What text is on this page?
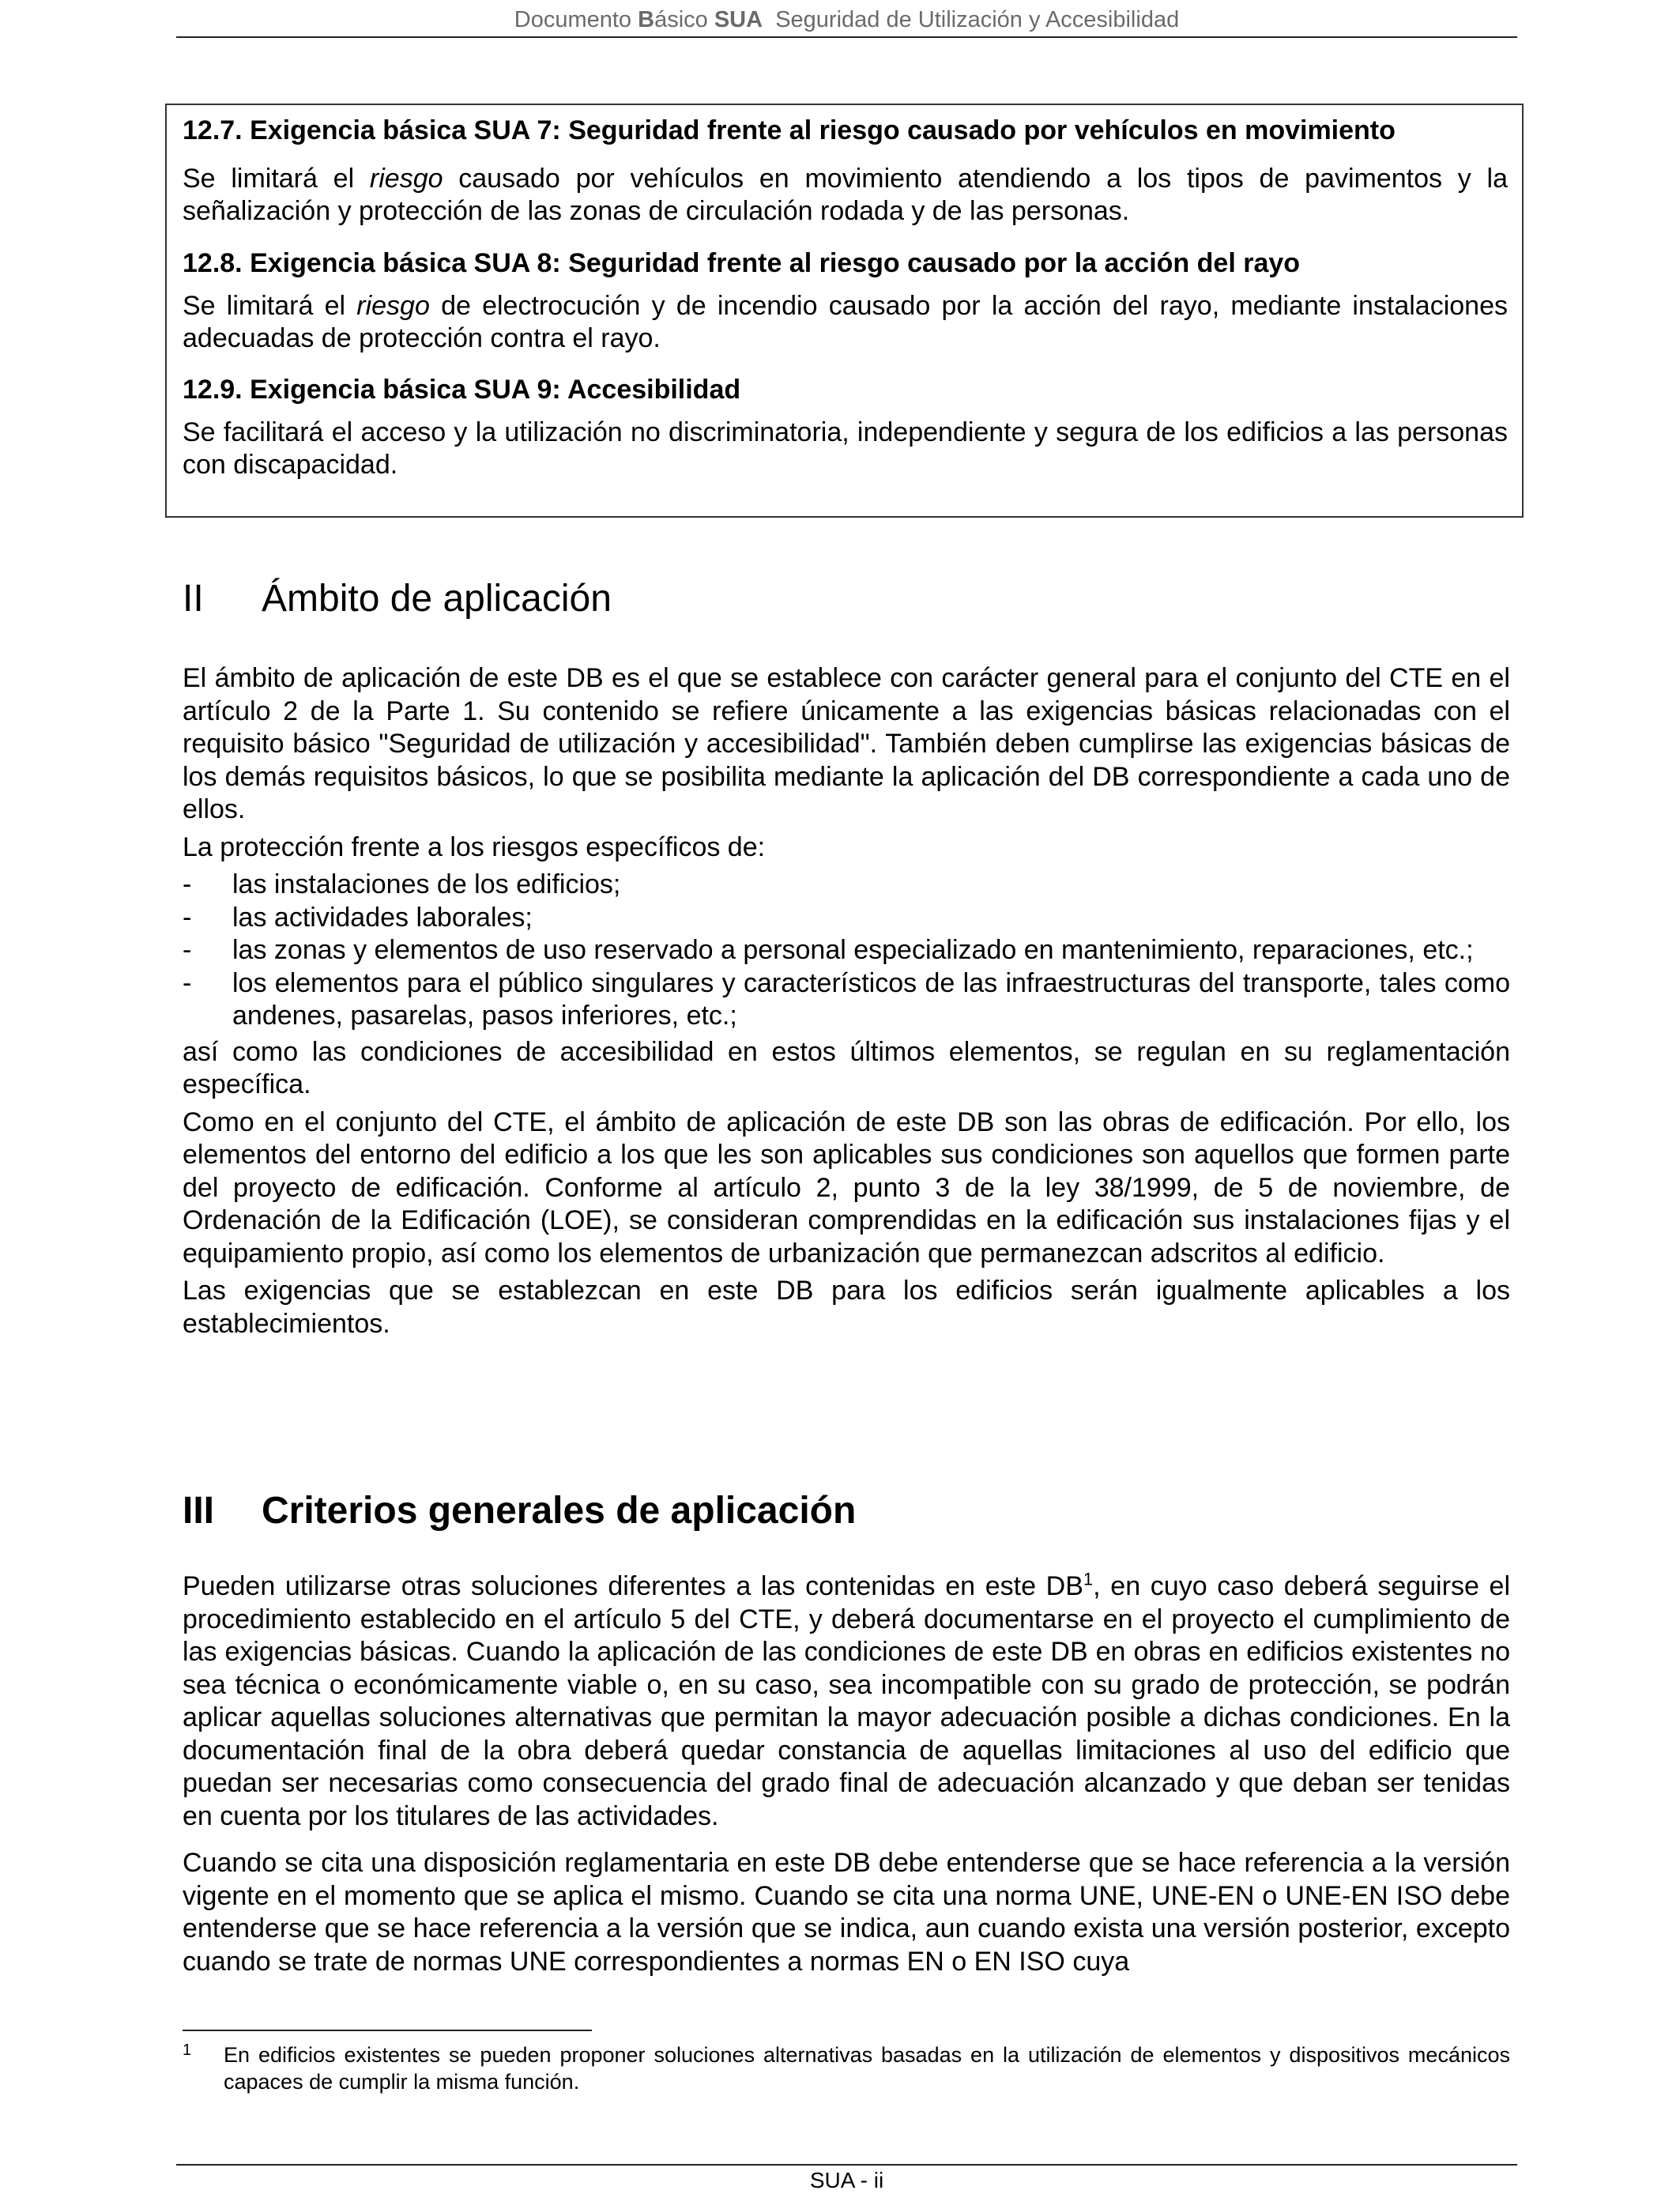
Documento Básico SUA  Seguridad de Utilización y Accesibilidad

12.7. Exigencia básica SUA 7: Seguridad frente al riesgo causado por vehículos en movimiento

Se limitará el riesgo causado por vehículos en movimiento atendiendo a los tipos de pavimentos y la señalización y protección de las zonas de circulación rodada y de las personas.

12.8. Exigencia básica SUA 8: Seguridad frente al riesgo causado por la acción del rayo

Se limitará el riesgo de electrocución y de incendio causado por la acción del rayo, mediante instalaciones adecuadas de protección contra el rayo.

12.9. Exigencia básica SUA 9: Accesibilidad

Se facilitará el acceso y la utilización no discriminatoria, independiente y segura de los edificios a las personas con discapacidad.

II Ámbito de aplicación

El ámbito de aplicación de este DB es el que se establece con carácter general para el conjunto del CTE en el artículo 2 de la Parte 1. Su contenido se refiere únicamente a las exigencias básicas relacionadas con el requisito básico "Seguridad de utilización y accesibilidad". También deben cumplirse las exigencias básicas de los demás requisitos básicos, lo que se posibilita mediante la aplicación del DB correspondiente a cada uno de ellos.

La protección frente a los riesgos específicos de:

- las instalaciones de los edificios;
- las actividades laborales;
- las zonas y elementos de uso reservado a personal especializado en mantenimiento, reparaciones, etc.;
- los elementos para el público singulares y característicos de las infraestructuras del transporte, tales como andenes, pasarelas, pasos inferiores, etc.;

así como las condiciones de accesibilidad en estos últimos elementos, se regulan en su reglamentación específica.

Como en el conjunto del CTE, el ámbito de aplicación de este DB son las obras de edificación. Por ello, los elementos del entorno del edificio a los que les son aplicables sus condiciones son aquellos que formen parte del proyecto de edificación. Conforme al artículo 2, punto 3 de la ley 38/1999, de 5 de noviembre, de Ordenación de la Edificación (LOE), se consideran comprendidas en la edificación sus instalaciones fijas y el equipamiento propio, así como los elementos de urbanización que permanezcan adscritos al edificio.

Las exigencias que se establezcan en este DB para los edificios serán igualmente aplicables a los establecimientos.

III Criterios generales de aplicación

Pueden utilizarse otras soluciones diferentes a las contenidas en este $DB^1$, en cuyo caso deberá seguirse el procedimiento establecido en el artículo 5 del CTE, y deberá documentarse en el proyecto el cumplimiento de las exigencias básicas. Cuando la aplicación de las condiciones de este DB en obras en edificios existentes no sea técnica o económicamente viable o, en su caso, sea incompatible con su grado de protección, se podrán aplicar aquellas soluciones alternativas que permitan la mayor adecuación posible a dichas condiciones. En la documentación final de la obra deberá quedar constancia de aquellas limitaciones al uso del edificio que puedan ser necesarias como consecuencia del grado final de adecuación alcanzado y que deban ser tenidas en cuenta por los titulares de las actividades.

Cuando se cita una disposición reglamentaria en este DB debe entenderse que se hace referencia a la versión vigente en el momento que se aplica el mismo. Cuando se cita una norma UNE, UNE-EN o UNE-EN ISO debe entenderse que se hace referencia a la versión que se indica, aun cuando exista una versión posterior, excepto cuando se trate de normas UNE correspondientes a normas EN o EN ISO cuya

1 En edificios existentes se pueden proponer soluciones alternativas basadas en la utilización de elementos y dispositivos mecánicos capaces de cumplir la misma función.
SUA - ii
